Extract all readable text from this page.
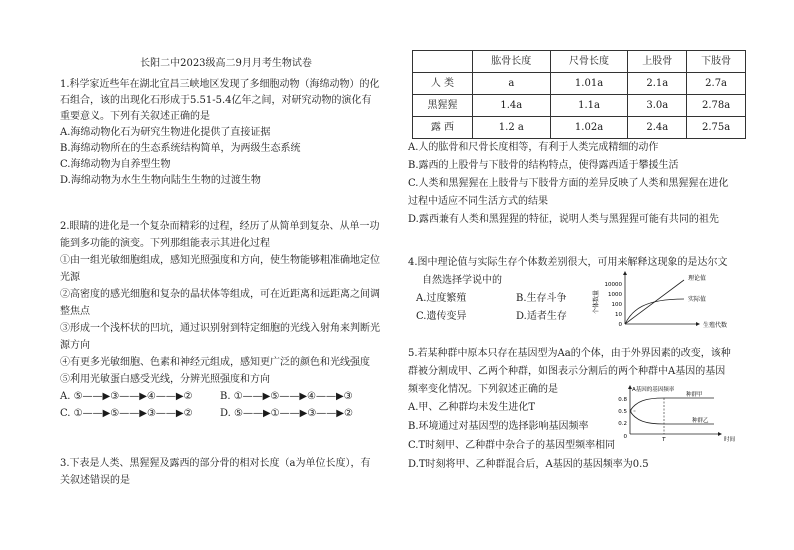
长阳二中2023级高二9月月考生物试卷
1.科学家近些年在湖北宜昌三峡地区发现了多细胞动物（海绵动物）的化
石组合，该的出现化石形成于5.51-5.4亿年之间，对研究动物的演化有
重要意义。下列有关叙述正确的是
A.海绵动物化石为研究生物进化提供了直接证据
B.海绵动物所在的生态系统结构简单，为两级生态系统
C.海绵动物为自养型生物
D.海绵动物为水生生物向陆生生物的过渡生物
2.眼睛的进化是一个复杂而精彩的过程，经历了从简单到复杂、从单一功
能到多功能的演变。下列那组能表示其进化过程
①由一组光敏细胞组成，感知光照强度和方向，使生物能够粗准确地定位
光源
②高密度的感光细胞和复杂的晶状体等组成，可在近距离和远距离之间调
整焦点
③形成一个浅杯状的凹坑，通过识别射到特定细胞的光线入射角来判断光
源方向
④有更多光敏细胞、色素和神经元组成，感知更广泛的颜色和光线强度
⑤利用光敏蛋白感受光线，分辨光照强度和方向
A. ⑤——▶③——▶④——▶②	B. ①——▶⑤——▶④——▶③
C. ①——▶⑤——▶③——▶②	D. ⑤——▶①——▶③——▶②
3.下表是人类、黑猩猩及露西的部分骨的相对长度（a为单位长度），有
关叙述错误的是
	肱骨长度	尺骨长度	上股骨	下肢骨
人 类	a	1.01a	2.1a	2.7a
黑猩猩	1.4a	1.1a	3.0a	2.78a
露 西	1.2 a	1.02a	2.4a	2.75a
A.人的肱骨和尺骨长度相等，有利于人类完成精细的动作
B.露西的上股骨与下肢骨的结构特点，使得露西适于攀援生活
C.人类和黑猩猩在上肢骨与下肢骨方面的差异反映了人类和黑猩猩在进化
过程中适应不同生活方式的结果
D.露西兼有人类和黑猩猩的特征，说明人类与黑猩猩可能有共同的祖先
4.图中理论值与实际生存个体数差别很大，可用来解释这现象的是达尔文
自然选择学说中的
A.过度繁殖	B.生存斗争
C.遗传变异	D.适者生存
个体数量
10000
1000
100
10
0
理论值
实际值
生殖代数
5.若某种群中原本只存在基因型为Aa的个体，由于外界因素的改变，该种
群被分割成甲、乙两个种群，如图表示分割后的两个种群中A基因的基因
频率变化情况。下列叙述正确的是
A.甲、乙种群均未发生进化T
B.环境通过对基因型的选择影响基因频率
C.T时刻甲、乙种群中杂合子的基因型频率相同
D.T时刻将甲、乙种群混合后，A基因的基因频率为0.5
A基因的基因频率
0.8
0.5
0.2
0	T
种群甲
种群乙
时间
